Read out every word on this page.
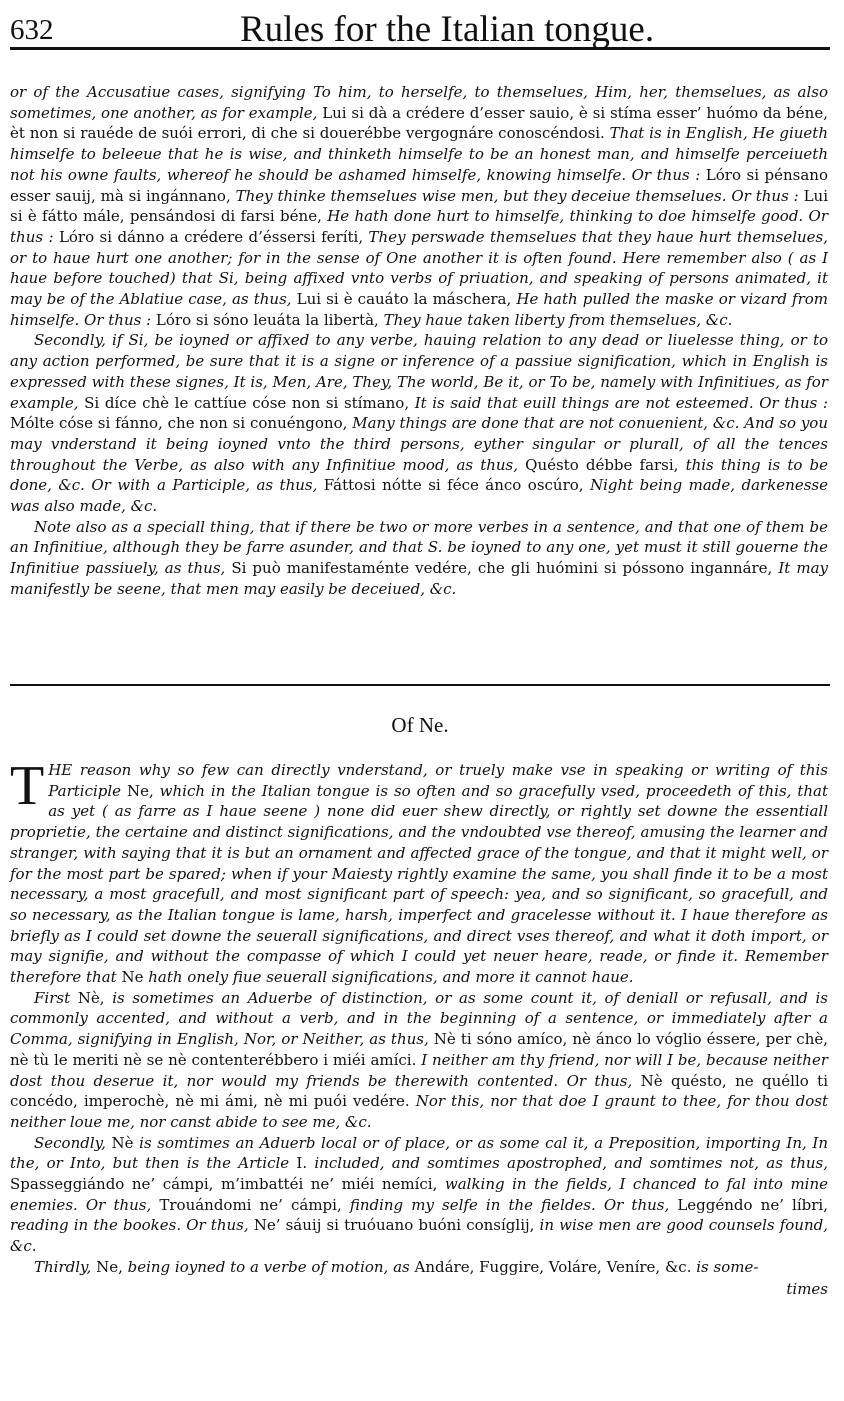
632	Rules for the Italian tongue.

or of the Accusatiue cases, signifying To him, to herselfe, to themselues, Him, her, themselues, as also sometimes, one another, as for example, Lui si dà a crédere d’esser sauio, è si stíma esser’ huómo da béne, èt non si rauéde de suói errori, di che si douerébbe vergognáre conoscéndosi. That is in English, He giueth himselfe to beleeue that he is wise, and thinketh himselfe to be an honest man, and himselfe perceiueth not his owne faults, whereof he should be ashamed himselfe, knowing himselfe. Or thus : Lóro si pénsano esser sauij, mà si ingánnano, They thinke themselues wise men, but they deceiue themselues. Or thus : Lui si è fátto mále, pensándosi di farsi béne, He hath done hurt to himselfe, thinking to doe himselfe good. Or thus : Lóro si dánno a crédere d’éssersi feríti, They perswade themselues that they haue hurt themselues, or to haue hurt one another; for in the sense of One another it is often found. Here remember also ( as I haue before touched) that Si, being affixed vnto verbs of priuation, and speaking of persons animated, it may be of the Ablatiue case, as thus, Lui si è cauáto la máschera, He hath pulled the maske or vizard from himselfe. Or thus : Lóro si sóno leuáta la libertà, They haue taken liberty from themselues, &c.

Secondly, if Si, be ioyned or affixed to any verbe, hauing relation to any dead or liuelesse thing, or to any action performed, be sure that it is a signe or inference of a passiue signification, which in English is expressed with these signes, It is, Men, Are, They, The world, Be it, or To be, namely with Infinitiues, as for example, Si díce chè le cattíue cóse non si stímano, It is said that euill things are not esteemed. Or thus : Mólte cóse si fánno, che non si conuéngono, Many things are done that are not conuenient, &c. And so you may vnderstand it being ioyned vnto the third persons, eyther singular or plurall, of all the tences throughout the Verbe, as also with any Infinitiue mood, as thus, Quésto débbe farsi, this thing is to be done, &c. Or with a Participle, as thus, Fáttosi nótte si féce ánco oscúro, Night being made, darkenesse was also made, &c.

Note also as a speciall thing, that if there be two or more verbes in a sentence, and that one of them be an Infinitiue, although they be farre asunder, and that S. be ioyned to any one, yet must it still gouerne the Infinitiue passiuely, as thus, Si può manifestaménte vedére, che gli huómini si póssono ingannáre, It may manifestly be seene, that men may easily be deceiued, &c.

Of Ne.

THE reason why so few can directly vnderstand, or truely make vse in speaking or writing of this Participle Ne, which in the Italian tongue is so often and so gracefully vsed, proceedeth of this, that as yet ( as farre as I haue seene ) none did euer shew directly, or rightly set downe the essentiall proprietie, the certaine and distinct significations, and the vndoubted vse thereof, amusing the learner and stranger, with saying that it is but an ornament and affected grace of the tongue, and that it might well, or for the most part be spared; when if your Maiesty rightly examine the same, you shall finde it to be a most necessary, a most gracefull, and most significant part of speech: yea, and so significant, so gracefull, and so necessary, as the Italian tongue is lame, harsh, imperfect and gracelesse without it. I haue therefore as briefly as I could set downe the seuerall significations, and direct vses thereof, and what it doth import, or may signifie, and without the compasse of which I could yet neuer heare, reade, or finde it. Remember therefore that Ne hath onely fiue seuerall significations, and more it cannot haue.

First Nè, is sometimes an Aduerbe of distinction, or as some count it, of deniall or refusall, and is commonly accented, and without a verb, and in the beginning of a sentence, or immediately after a Comma, signifying in English, Nor, or Neither, as thus, Nè ti sóno amíco, nè ánco lo vóglio éssere, per chè, nè tù le meriti nè se nè contenterébbero i miéi amíci. I neither am thy friend, nor will I be, because neither dost thou deserue it, nor would my friends be therewith contented. Or thus, Nè quésto, ne quéllo ti concédo, imperochè, nè mi ámi, nè mi puói vedére. Nor this, nor that doe I graunt to thee, for thou dost neither loue me, nor canst abide to see me, &c.

Secondly, Nè is somtimes an Aduerb local or of place, or as some cal it, a Preposition, importing In, In the, or Into, but then is the Article I. included, and somtimes apostrophed, and somtimes not, as thus, Spasseggiándo ne’ cámpi, m’imbattéi ne’ miéi nemíci, walking in the fields, I chanced to fal into mine enemies. Or thus, Trouándomi ne’ cámpi, finding my selfe in the fieldes. Or thus, Leggéndo ne’ líbri, reading in the bookes. Or thus, Ne’ sáuij si truóuano buóni consíglij, in wise men are good counsels found, &c.

Thirdly, Ne, being ioyned to a verbe of motion, as Andáre, Fuggire, Voláre, Veníre, &c. is some-

times
